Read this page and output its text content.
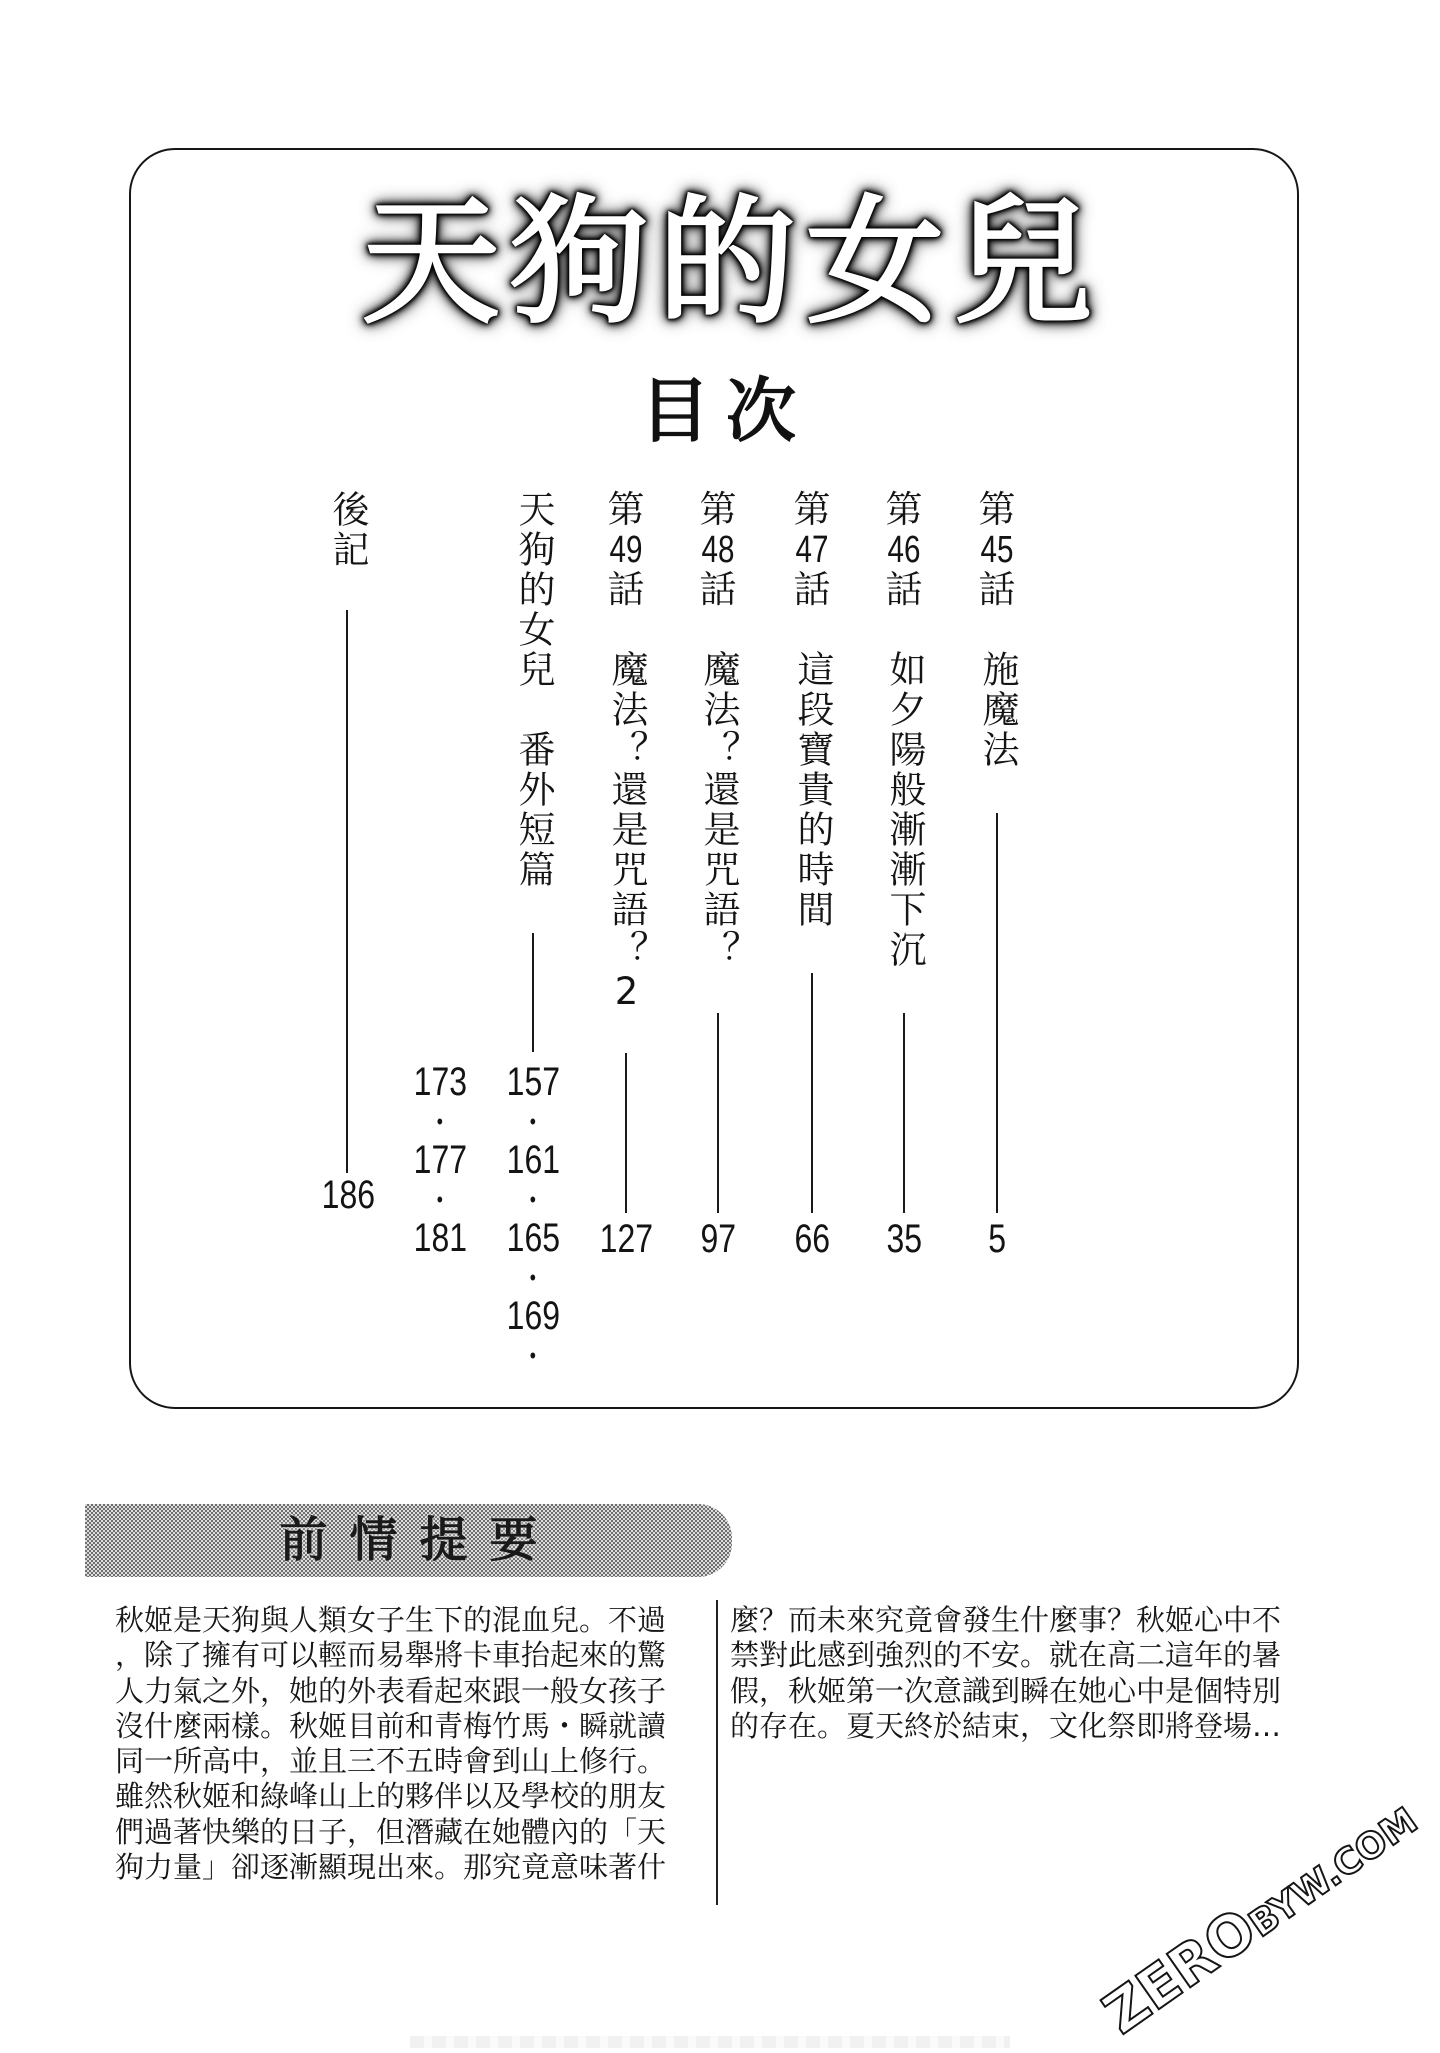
天狗的女兒
目次
第
45
話
施魔法
5
第
46
話
如夕陽般漸漸下沉
35
第
47
話
這段寶貴的時間
66
第
48
話
魔法？還是咒語？
97
第
49
話
魔法？還是咒語？2
127
天狗的女兒
番外短篇
157
•
161
•
165
•
169
•
173
•
177
•
181
後記
186
前情提要
秋姬是天狗與人類女子生下的混血兒。不過
，除了擁有可以輕而易舉將卡車抬起來的驚
人力氣之外，她的外表看起來跟一般女孩子
沒什麼兩樣。秋姬目前和青梅竹馬・瞬就讀
同一所高中，並且三不五時會到山上修行。
雖然秋姬和綠峰山上的夥伴以及學校的朋友
們過著快樂的日子，但潛藏在她體內的「天
狗力量」卻逐漸顯現出來。那究竟意味著什
麼？而未來究竟會發生什麼事？秋姬心中不
禁對此感到強烈的不安。就在高二這年的暑
假，秋姬第一次意識到瞬在她心中是個特別
的存在。夏天終於結束，文化祭即將登場…
ZEROBYW.COM
